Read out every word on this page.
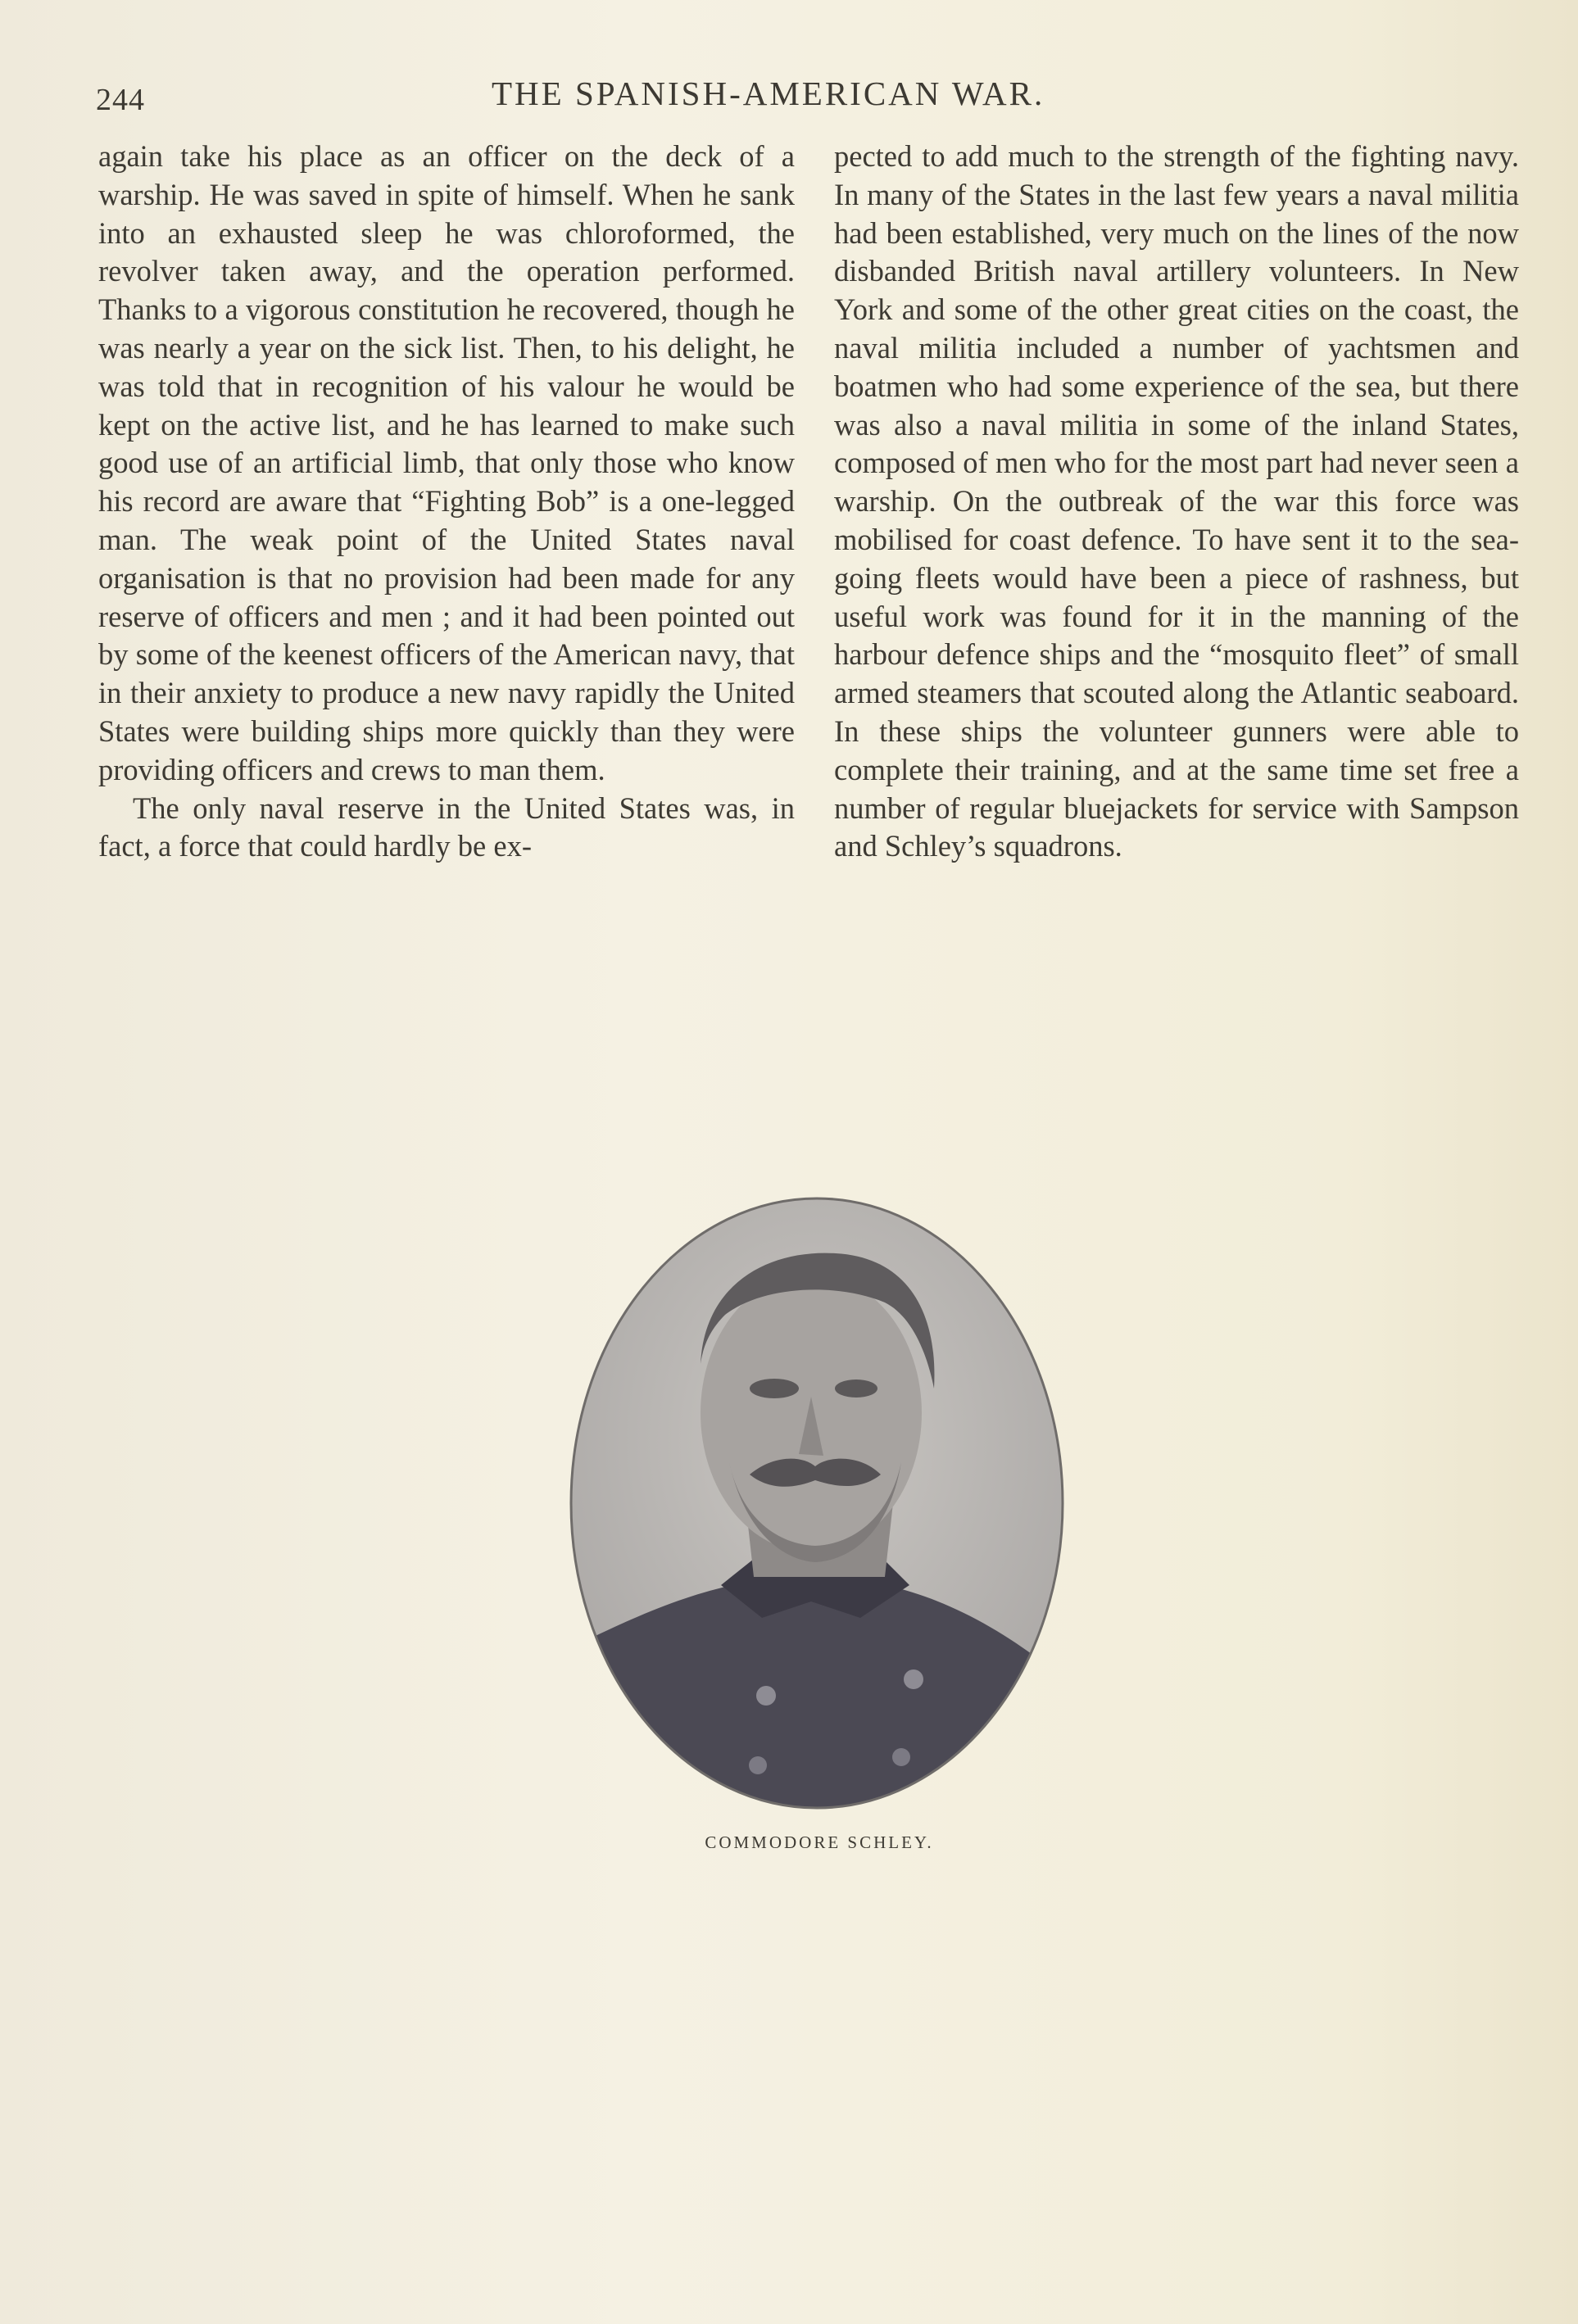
244	THE SPANISH-AMERICAN WAR.

again take his place as an officer on the deck of a warship. He was saved in spite of himself. When he sank into an exhausted sleep he was chloroformed, the revolver taken away, and the operation performed. Thanks to a vigorous constitution he recovered, though he was nearly a year on the sick list. Then, to his delight, he was told that in recognition of his valour he would be kept on the active list, and he has learned to make such good use of an artificial limb, that only those who know his record are aware that “Fighting Bob” is a one-legged man. The weak point of the United States naval organisation is that no provision had been made for any reserve of officers and men ; and it had been pointed out by some of the keenest officers of the American navy, that in their anxiety to produce a new navy rapidly the United States were building ships more quickly than they were providing officers and crews to man them.

The only naval reserve in the United States was, in fact, a force that could hardly be ex-

pected to add much to the strength of the fighting navy. In many of the States in the last few years a naval militia had been established, very much on the lines of the now disbanded British naval artillery volunteers. In New York and some of the other great cities on the coast, the naval militia included a number of yachtsmen and boatmen who had some experience of the sea, but there was also a naval militia in some of the inland States, composed of men who for the most part had never seen a warship. On the outbreak of the war this force was mobilised for coast defence. To have sent it to the sea-going fleets would have been a piece of rashness, but useful work was found for it in the manning of the harbour defence ships and the “mosquito fleet” of small armed steamers that scouted along the Atlantic seaboard. In these ships the volunteer gunners were able to complete their training, and at the same time set free a number of regular bluejackets for service with Sampson and Schley’s squadrons.

COMMODORE SCHLEY.
